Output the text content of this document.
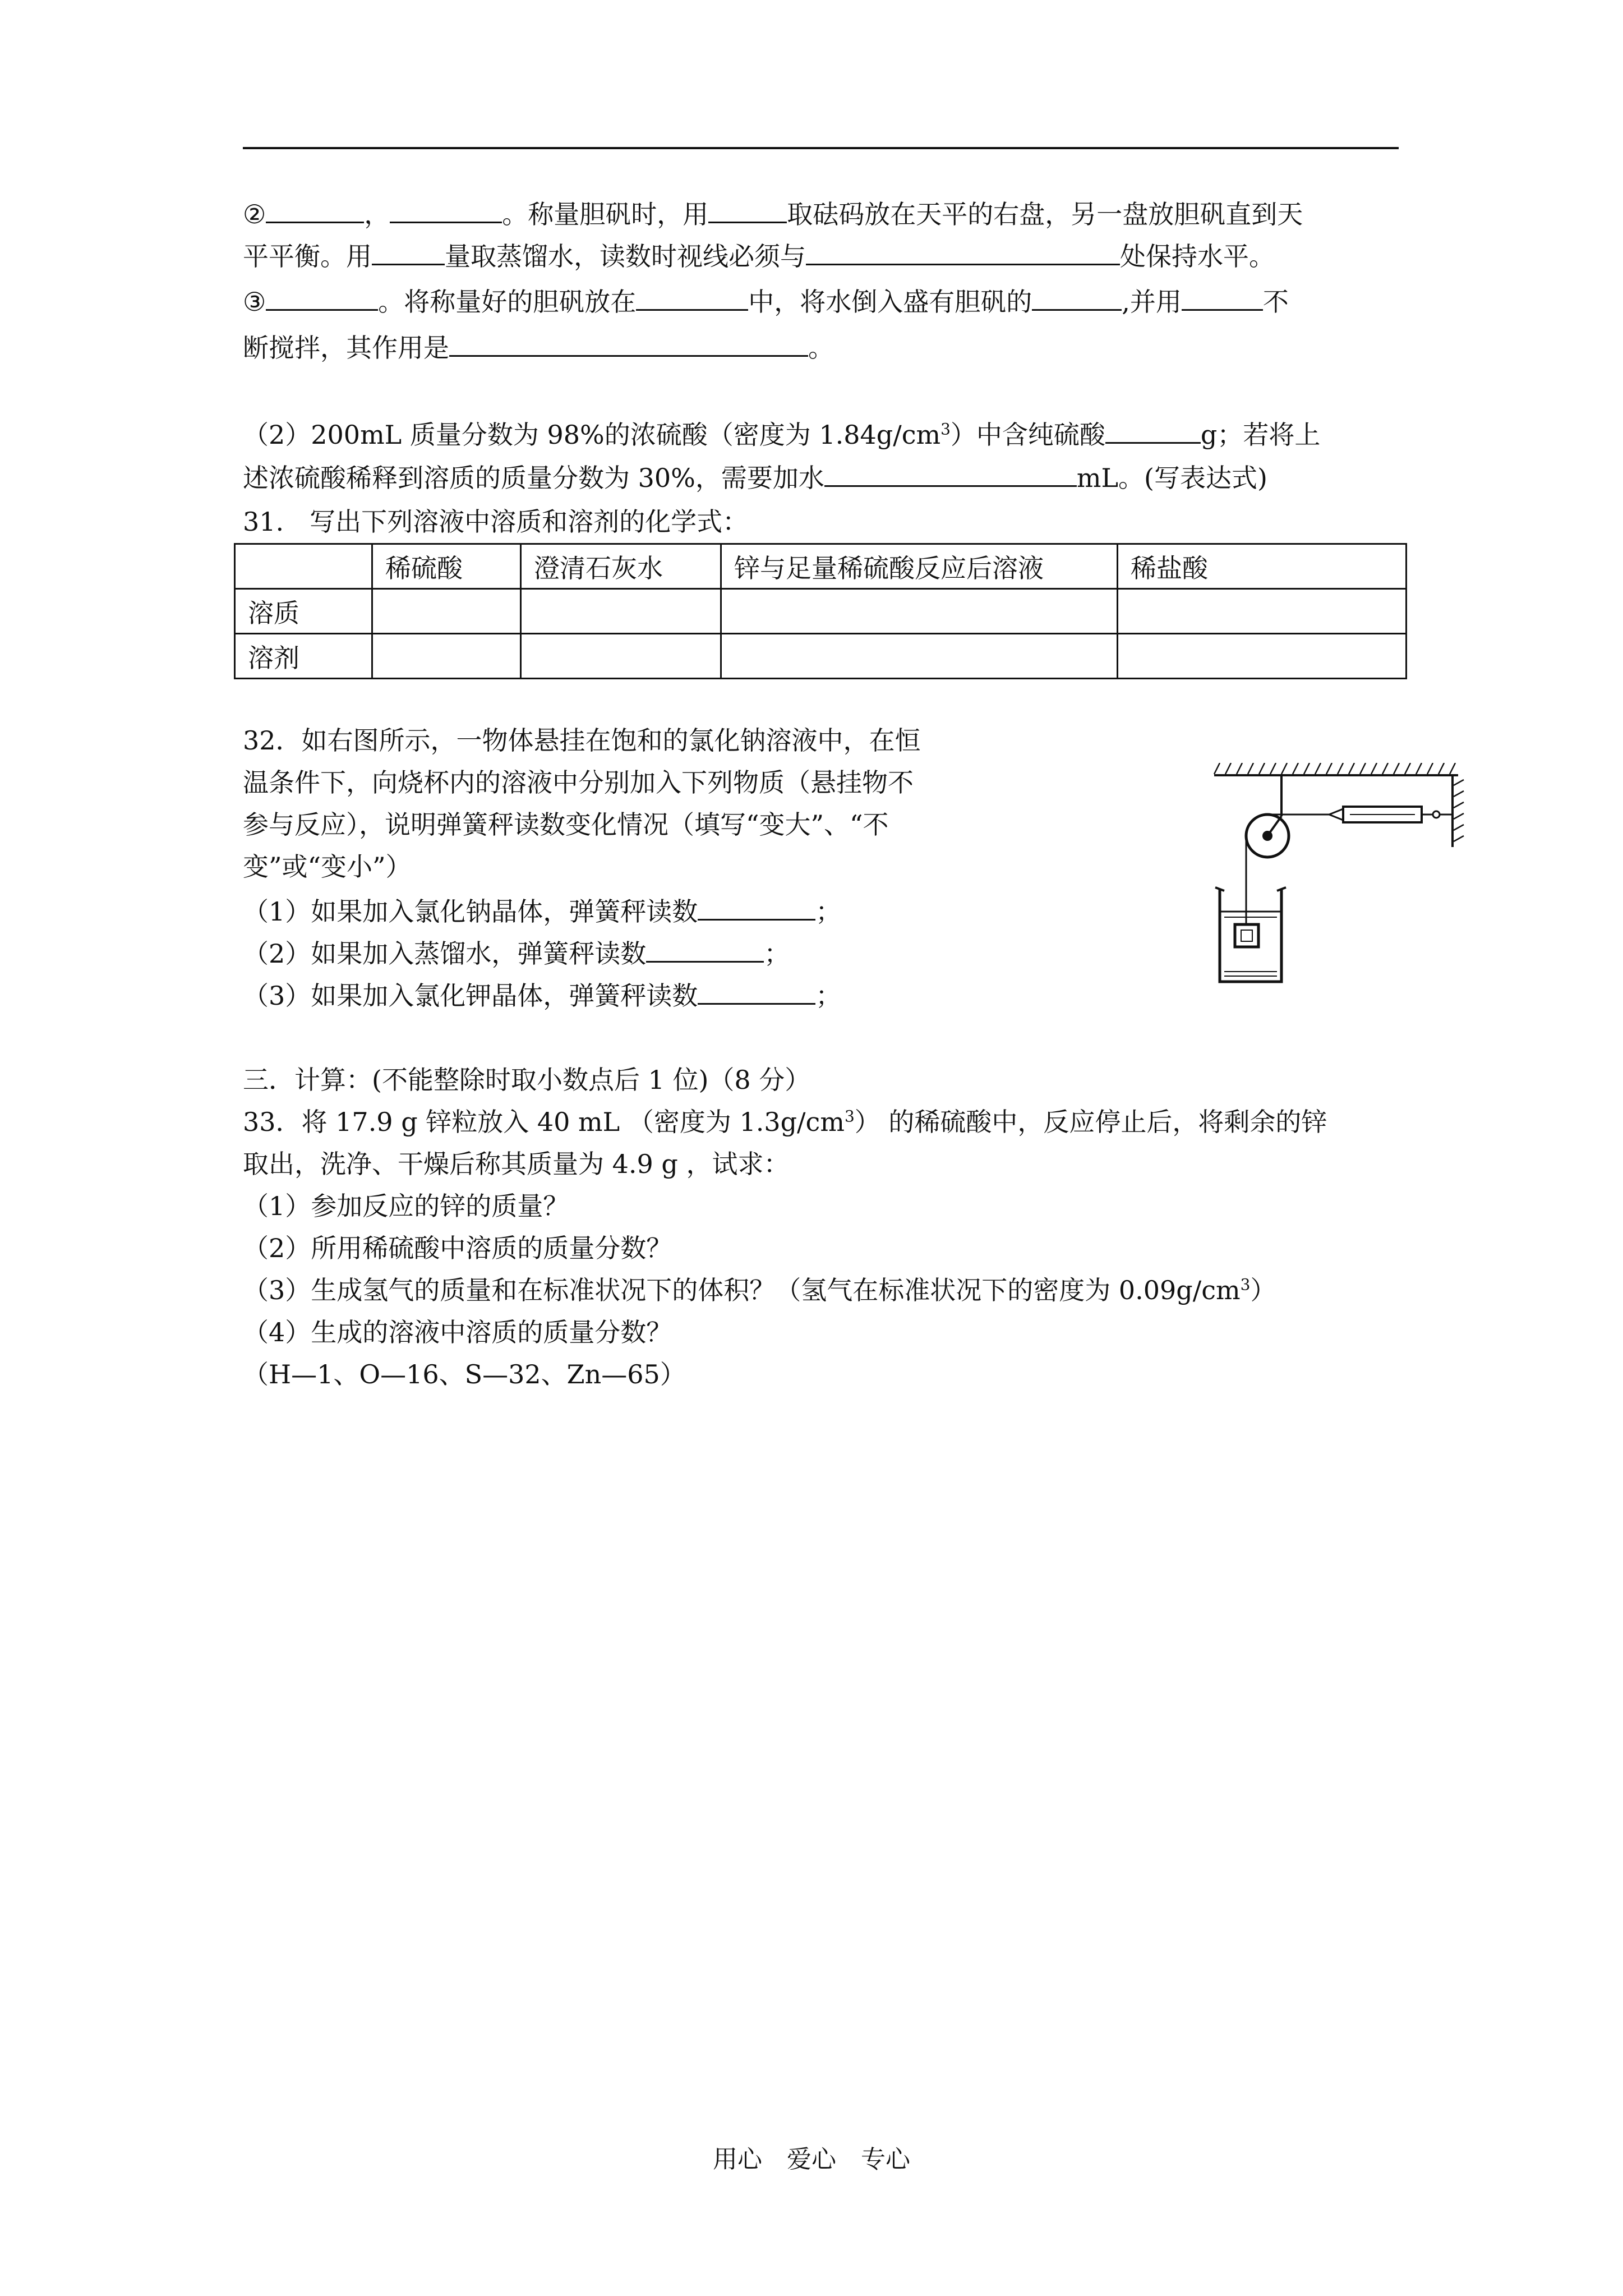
②	，	。称量胆矾时，用	取砝码放在天平的右盘，另一盘放胆矾直到天
平平衡。用	量取蒸馏水，读数时视线必须与	处保持水平。
③	。将称量好的胆矾放在	中，将水倒入盛有胆矾的	,并用	不
断搅拌，其作用是	。
（2）200mL 质量分数为 98%的浓硫酸（密度为 $1.84g/cm^3$）中含纯硫酸	g；若将上
述浓硫酸稀释到溶质的质量分数为 30%，需要加水	mL。(写表达式)
31.　写出下列溶液中溶质和溶剂的化学式：
	稀硫酸	澄清石灰水	锌与足量稀硫酸反应后溶液	稀盐酸
溶质				
溶剂				
32．如右图所示，一物体悬挂在饱和的氯化钠溶液中，在恒
温条件下，向烧杯内的溶液中分别加入下列物质（悬挂物不
参与反应），说明弹簧秤读数变化情况（填写“变大”、“不
变”或“变小”）
（1）如果加入氯化钠晶体，弹簧秤读数	；
（2）如果加入蒸馏水，弹簧秤读数	；
（3）如果加入氯化钾晶体，弹簧秤读数	；
三．计算：(不能整除时取小数点后 1 位)（8 分）
33．将 17.9 g 锌粒放入 40 mL （密度为 $1.3g/cm^3$） 的稀硫酸中，反应停止后，将剩余的锌
取出，洗净、干燥后称其质量为 4.9 g ，试求：
（1）参加反应的锌的质量？
（2）所用稀硫酸中溶质的质量分数？
（3）生成氢气的质量和在标准状况下的体积？（氢气在标准状况下的密度为 $0.09g/cm^3$）
（4）生成的溶液中溶质的质量分数？
（H—1、O—16、S—32、Zn—65）
用心　爱心　专心
